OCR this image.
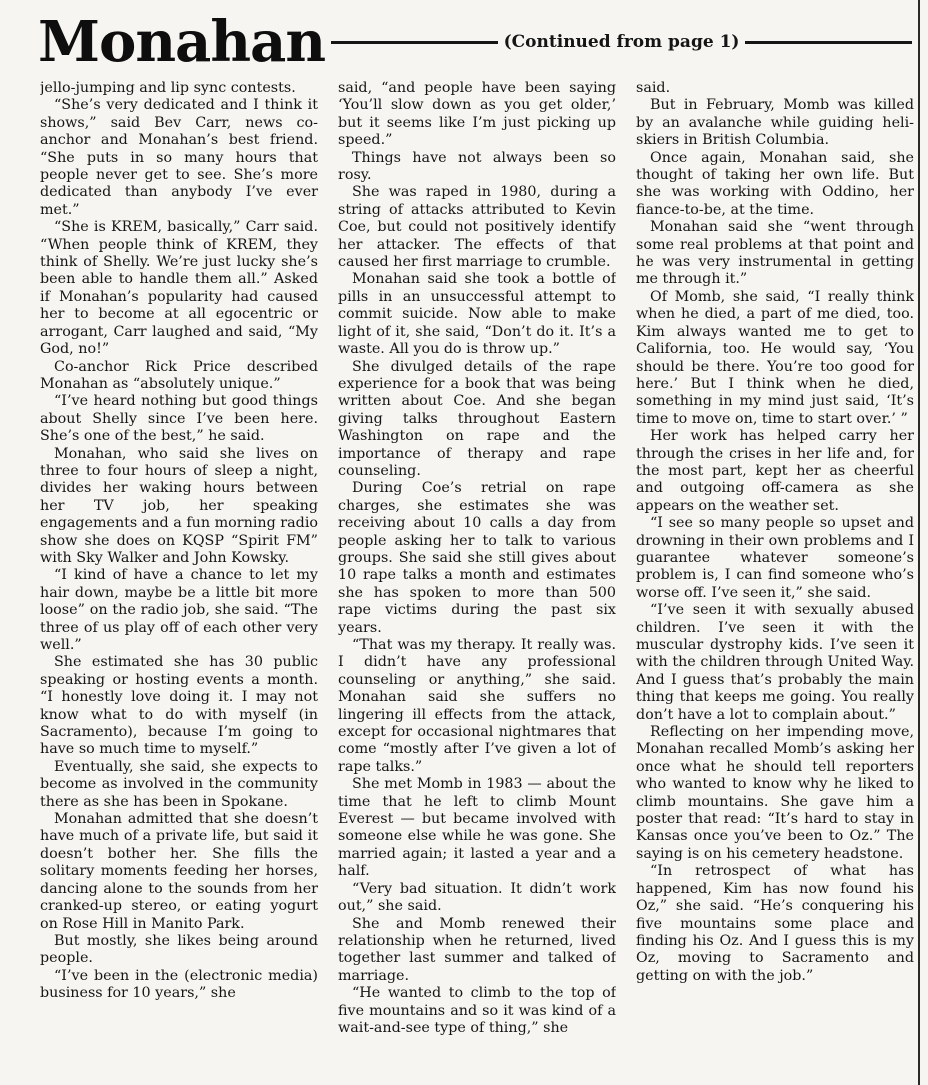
Monahan	(Continued from page 1)

jello-jumping and lip sync contests.

“She’s very dedicated and I think it shows,” said Bev Carr, news co-anchor and Monahan’s best friend. “She puts in so many hours that people never get to see. She’s more dedicated than anybody I’ve ever met.”

“She is KREM, basically,” Carr said. “When people think of KREM, they think of Shelly. We’re just lucky she’s been able to handle them all.” Asked if Monahan’s popularity had caused her to become at all egocentric or arrogant, Carr laughed and said, “My God, no!”

Co-anchor Rick Price described Monahan as “absolutely unique.”

“I’ve heard nothing but good things about Shelly since I’ve been here. She’s one of the best,” he said.

Monahan, who said she lives on three to four hours of sleep a night, divides her waking hours between her TV job, her speaking engagements and a fun morning radio show she does on KQSP “Spirit FM” with Sky Walker and John Kowsky.

“I kind of have a chance to let my hair down, maybe be a little bit more loose” on the radio job, she said. “The three of us play off of each other very well.”

She estimated she has 30 public speaking or hosting events a month. “I honestly love doing it. I may not know what to do with myself (in Sacramento), because I’m going to have so much time to myself.”

Eventually, she said, she expects to become as involved in the community there as she has been in Spokane.

Monahan admitted that she doesn’t have much of a private life, but said it doesn’t bother her. She fills the solitary moments feeding her horses, dancing alone to the sounds from her cranked-up stereo, or eating yogurt on Rose Hill in Manito Park.

But mostly, she likes being around people.

“I’ve been in the (electronic media) business for 10 years,” she

said, “and people have been saying ‘You’ll slow down as you get older,’ but it seems like I’m just picking up speed.”

Things have not always been so rosy.

She was raped in 1980, during a string of attacks attributed to Kevin Coe, but could not positively identify her attacker. The effects of that caused her first marriage to crumble.

Monahan said she took a bottle of pills in an unsuccessful attempt to commit suicide. Now able to make light of it, she said, “Don’t do it. It’s a waste. All you do is throw up.”

She divulged details of the rape experience for a book that was being written about Coe. And she began giving talks throughout Eastern Washington on rape and the importance of therapy and rape counseling.

During Coe’s retrial on rape charges, she estimates she was receiving about 10 calls a day from people asking her to talk to various groups. She said she still gives about 10 rape talks a month and estimates she has spoken to more than 500 rape victims during the past six years.

“That was my therapy. It really was. I didn’t have any professional counseling or anything,” she said. Monahan said she suffers no lingering ill effects from the attack, except for occasional nightmares that come “mostly after I’ve given a lot of rape talks.”

She met Momb in 1983 — about the time that he left to climb Mount Everest — but became involved with someone else while he was gone. She married again; it lasted a year and a half.

“Very bad situation. It didn’t work out,” she said.

She and Momb renewed their relationship when he returned, lived together last summer and talked of marriage.

“He wanted to climb to the top of five mountains and so it was kind of a wait-and-see type of thing,” she

said.

But in February, Momb was killed by an avalanche while guiding heli-skiers in British Columbia.

Once again, Monahan said, she thought of taking her own life. But she was working with Oddino, her fiance-to-be, at the time.

Monahan said she “went through some real problems at that point and he was very instrumental in getting me through it.”

Of Momb, she said, “I really think when he died, a part of me died, too. Kim always wanted me to get to California, too. He would say, ‘You should be there. You’re too good for here.’ But I think when he died, something in my mind just said, ‘It’s time to move on, time to start over.’ ”

Her work has helped carry her through the crises in her life and, for the most part, kept her as cheerful and outgoing off-camera as she appears on the weather set.

“I see so many people so upset and drowning in their own problems and I guarantee whatever someone’s problem is, I can find someone who’s worse off. I’ve seen it,” she said.

“I’ve seen it with sexually abused children. I’ve seen it with the muscular dystrophy kids. I’ve seen it with the children through United Way. And I guess that’s probably the main thing that keeps me going. You really don’t have a lot to complain about.”

Reflecting on her impending move, Monahan recalled Momb’s asking her once what he should tell reporters who wanted to know why he liked to climb mountains. She gave him a poster that read: “It’s hard to stay in Kansas once you’ve been to Oz.” The saying is on his cemetery headstone.

“In retrospect of what has happened, Kim has now found his Oz,” she said. “He’s conquering his five mountains some place and finding his Oz. And I guess this is my Oz, moving to Sacramento and getting on with the job.”
